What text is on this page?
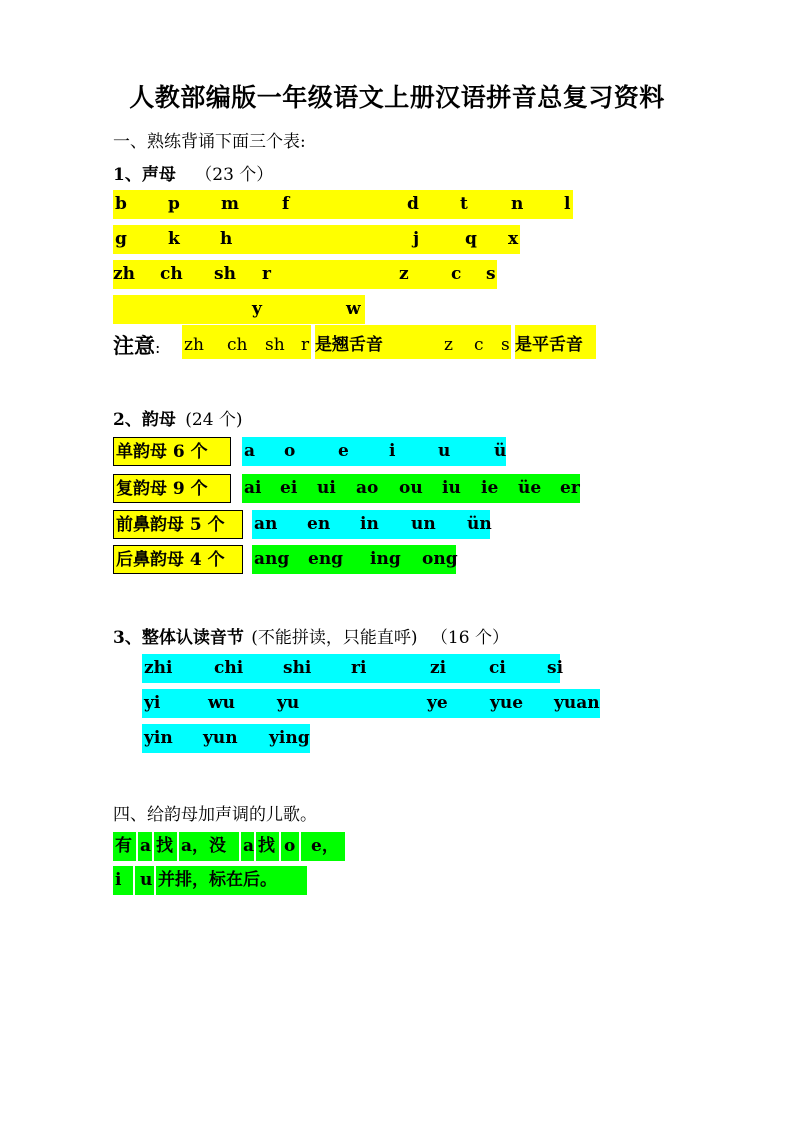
人教部编版一年级语文上册汉语拼音总复习资料
一、熟练背诵下面三个表:
1、声母 （23 个）
b p m	f	d t	n l
g k h	j	q x
zh ch sh r	z c s
y	w
注意: zh ch sh r 是翘舌音	z c s 是平舌音
2、韵母 (24 个)
单韵母 6 个	a o	e i	u	ü
复韵母 9 个	ai ei ui ao ou iu ie üe er
前鼻韵母 5 个	an en in un ün
后鼻韵母 4 个	ang eng ing ong
3、整体认读音节 (不能拼读，只能直呼) （16 个）
zhi chi shi ri	zi	ci si
yi	wu yu	ye yue yuan
yin yun ying
四、给韵母加声调的儿歌。
有 a 找 a，没 a 找 o e，
i u 并排，标在后。
